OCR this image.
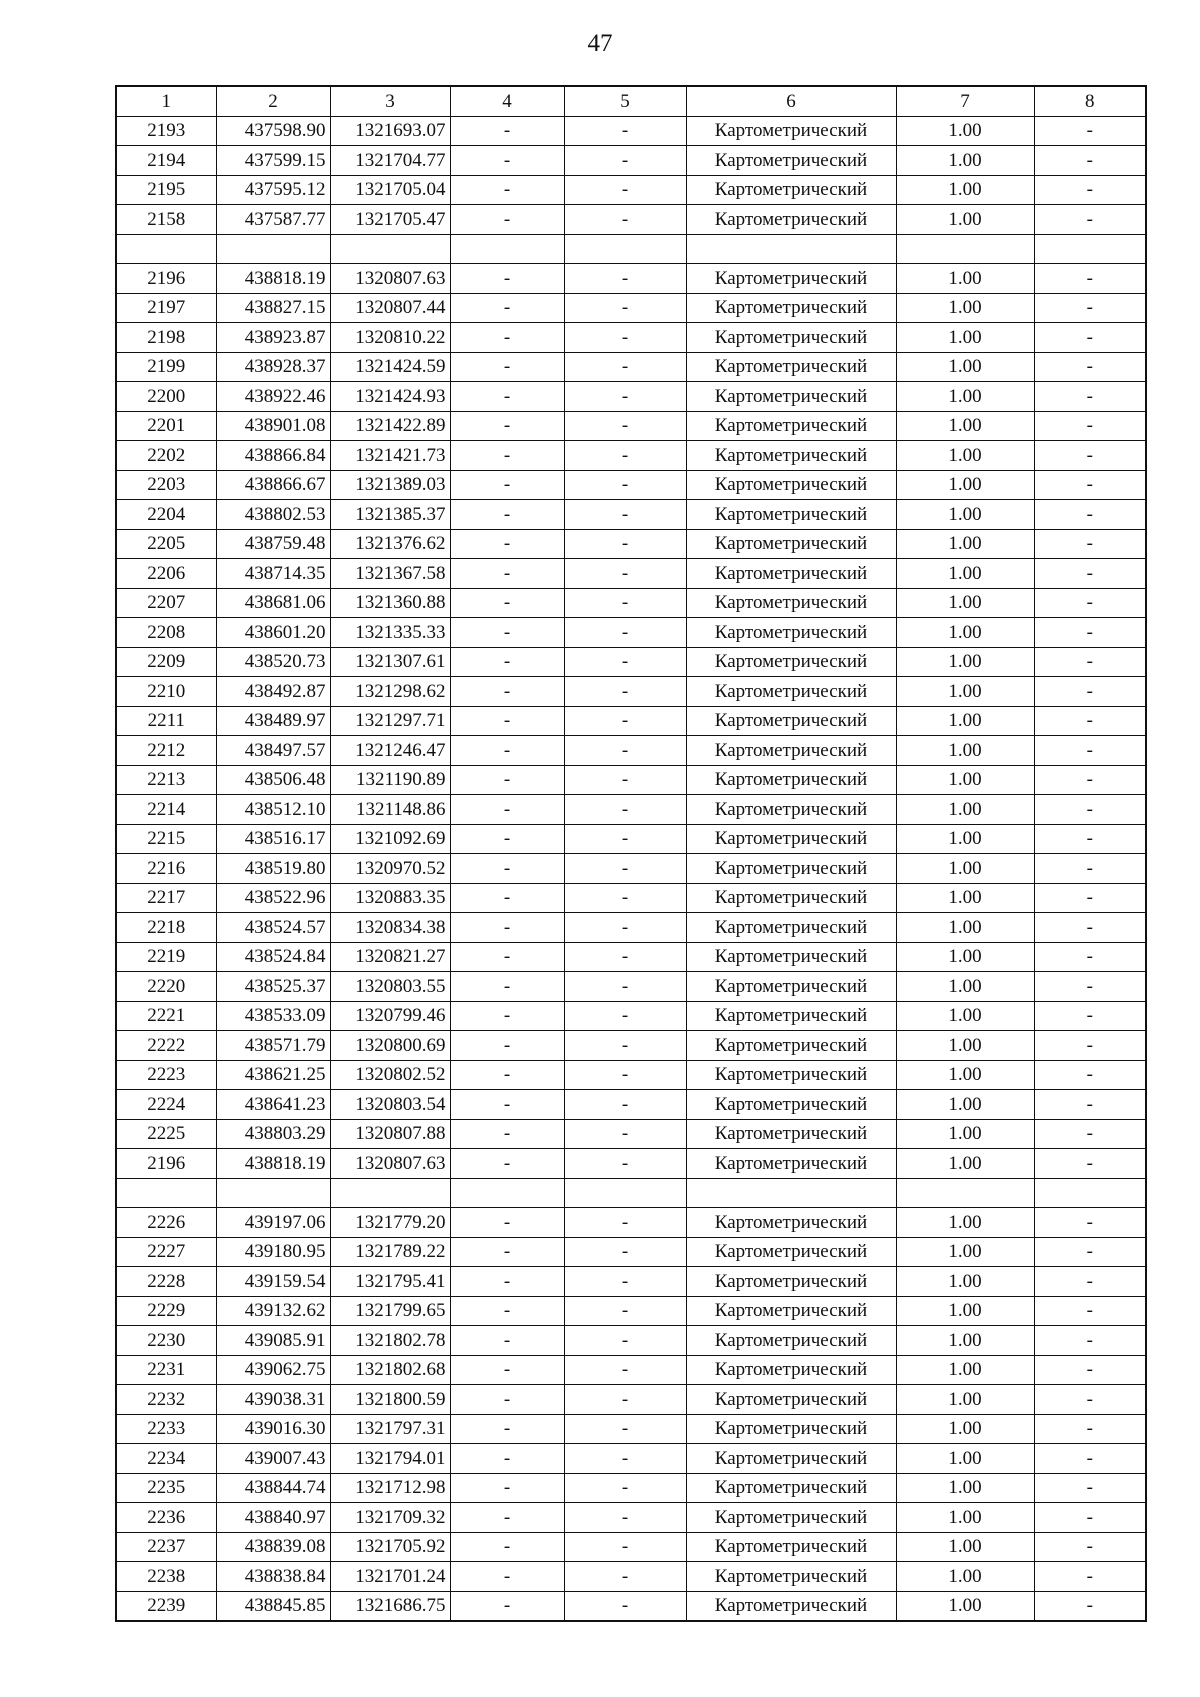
47
1	2	3	4	5	6	7	8
2193	437598.90	1321693.07	-	-	Картометрический	1.00	-
2194	437599.15	1321704.77	-	-	Картометрический	1.00	-
2195	437595.12	1321705.04	-	-	Картометрический	1.00	-
2158	437587.77	1321705.47	-	-	Картометрический	1.00	-

2196	438818.19	1320807.63	-	-	Картометрический	1.00	-
2197	438827.15	1320807.44	-	-	Картометрический	1.00	-
2198	438923.87	1320810.22	-	-	Картометрический	1.00	-
2199	438928.37	1321424.59	-	-	Картометрический	1.00	-
2200	438922.46	1321424.93	-	-	Картометрический	1.00	-
2201	438901.08	1321422.89	-	-	Картометрический	1.00	-
2202	438866.84	1321421.73	-	-	Картометрический	1.00	-
2203	438866.67	1321389.03	-	-	Картометрический	1.00	-
2204	438802.53	1321385.37	-	-	Картометрический	1.00	-
2205	438759.48	1321376.62	-	-	Картометрический	1.00	-
2206	438714.35	1321367.58	-	-	Картометрический	1.00	-
2207	438681.06	1321360.88	-	-	Картометрический	1.00	-
2208	438601.20	1321335.33	-	-	Картометрический	1.00	-
2209	438520.73	1321307.61	-	-	Картометрический	1.00	-
2210	438492.87	1321298.62	-	-	Картометрический	1.00	-
2211	438489.97	1321297.71	-	-	Картометрический	1.00	-
2212	438497.57	1321246.47	-	-	Картометрический	1.00	-
2213	438506.48	1321190.89	-	-	Картометрический	1.00	-
2214	438512.10	1321148.86	-	-	Картометрический	1.00	-
2215	438516.17	1321092.69	-	-	Картометрический	1.00	-
2216	438519.80	1320970.52	-	-	Картометрический	1.00	-
2217	438522.96	1320883.35	-	-	Картометрический	1.00	-
2218	438524.57	1320834.38	-	-	Картометрический	1.00	-
2219	438524.84	1320821.27	-	-	Картометрический	1.00	-
2220	438525.37	1320803.55	-	-	Картометрический	1.00	-
2221	438533.09	1320799.46	-	-	Картометрический	1.00	-
2222	438571.79	1320800.69	-	-	Картометрический	1.00	-
2223	438621.25	1320802.52	-	-	Картометрический	1.00	-
2224	438641.23	1320803.54	-	-	Картометрический	1.00	-
2225	438803.29	1320807.88	-	-	Картометрический	1.00	-
2196	438818.19	1320807.63	-	-	Картометрический	1.00	-

2226	439197.06	1321779.20	-	-	Картометрический	1.00	-
2227	439180.95	1321789.22	-	-	Картометрический	1.00	-
2228	439159.54	1321795.41	-	-	Картометрический	1.00	-
2229	439132.62	1321799.65	-	-	Картометрический	1.00	-
2230	439085.91	1321802.78	-	-	Картометрический	1.00	-
2231	439062.75	1321802.68	-	-	Картометрический	1.00	-
2232	439038.31	1321800.59	-	-	Картометрический	1.00	-
2233	439016.30	1321797.31	-	-	Картометрический	1.00	-
2234	439007.43	1321794.01	-	-	Картометрический	1.00	-
2235	438844.74	1321712.98	-	-	Картометрический	1.00	-
2236	438840.97	1321709.32	-	-	Картометрический	1.00	-
2237	438839.08	1321705.92	-	-	Картометрический	1.00	-
2238	438838.84	1321701.24	-	-	Картометрический	1.00	-
2239	438845.85	1321686.75	-	-	Картометрический	1.00	-
